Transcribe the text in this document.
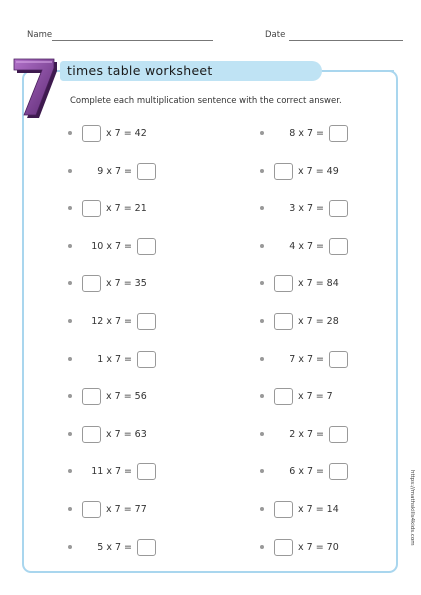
Name	Date
times table worksheet
Complete each multiplication sentence with the correct answer.
x 7 = 42
9 x 7 =
x 7 = 21
10 x 7 =
x 7 = 35
12 x 7 =
1 x 7 =
x 7 = 56
x 7 = 63
11 x 7 =
x 7 = 77
5 x 7 =
8 x 7 =
x 7 = 49
3 x 7 =
4 x 7 =
x 7 = 84
x 7 = 28
7 x 7 =
x 7 = 7
2 x 7 =
6 x 7 =
x 7 = 14
x 7 = 70
https://mathskills4kids.com
